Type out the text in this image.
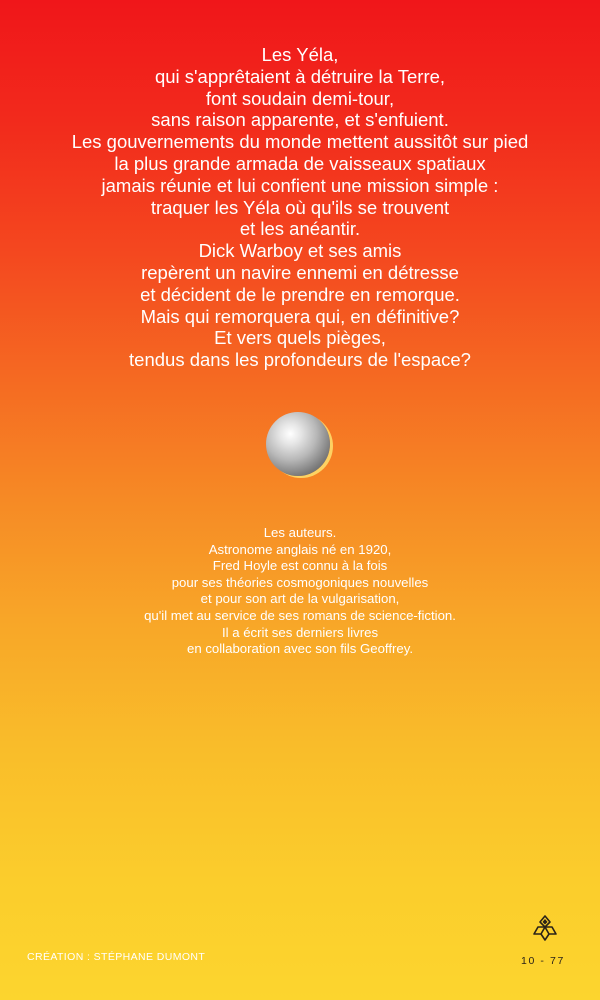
Les Yéla,
qui s'apprêtaient à détruire la Terre,
font soudain demi-tour,
sans raison apparente, et s'enfuient.
Les gouvernements du monde mettent aussitôt sur pied
la plus grande armada de vaisseaux spatiaux
jamais réunie et lui confient une mission simple :
traquer les Yéla où qu'ils se trouvent
et les anéantir.
Dick Warboy et ses amis
repèrent un navire ennemi en détresse
et décident de le prendre en remorque.
Mais qui remorquera qui, en définitive?
Et vers quels pièges,
tendus dans les profondeurs de l'espace?
Les auteurs.
Astronome anglais né en 1920,
Fred Hoyle est connu à la fois
pour ses théories cosmogoniques nouvelles
et pour son art de la vulgarisation,
qu'il met au service de ses romans de science-fiction.
Il a écrit ses derniers livres
en collaboration avec son fils Geoffrey.
CRÉATION : STÉPHANE DUMONT	10 - 77
